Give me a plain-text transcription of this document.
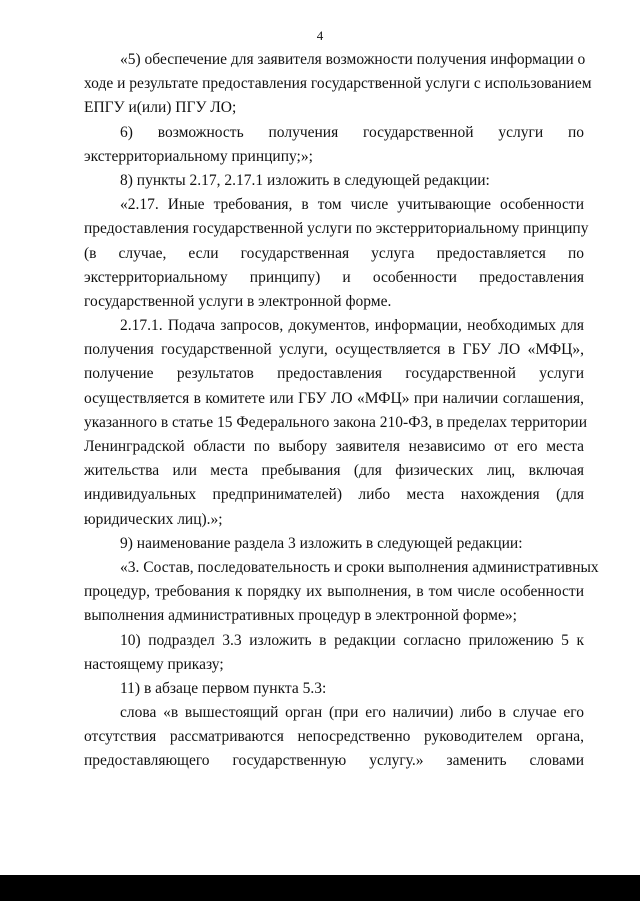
4
«5) обеспечение для заявителя возможности получения информации о
ходе и результате предоставления государственной услуги с использованием
ЕПГУ и(или) ПГУ ЛО;
6) возможность получения государственной услуги по
экстерриториальному принципу;»;
8) пункты 2.17, 2.17.1 изложить в следующей редакции:
«2.17. Иные требования, в том числе учитывающие особенности
предоставления государственной услуги по экстерриториальному принципу
(в случае, если государственная услуга предоставляется по
экстерриториальному принципу) и особенности предоставления
государственной услуги в электронной форме.
2.17.1. Подача запросов, документов, информации, необходимых для
получения государственной услуги, осуществляется в ГБУ ЛО «МФЦ»,
получение результатов предоставления государственной услуги
осуществляется в комитете или ГБУ ЛО «МФЦ» при наличии соглашения,
указанного в статье 15 Федерального закона 210-ФЗ, в пределах территории
Ленинградской области по выбору заявителя независимо от его места
жительства или места пребывания (для физических лиц, включая
индивидуальных предпринимателей) либо места нахождения (для
юридических лиц).»;
9) наименование раздела 3 изложить в следующей редакции:
«3. Состав, последовательность и сроки выполнения административных
процедур, требования к порядку их выполнения, в том числе особенности
выполнения административных процедур в электронной форме»;
10) подраздел 3.3 изложить в редакции согласно приложению 5 к
настоящему приказу;
11) в абзаце первом пункта 5.3:
слова «в вышестоящий орган (при его наличии) либо в случае его
отсутствия рассматриваются непосредственно руководителем органа,
предоставляющего государственную услугу.» заменить словами
